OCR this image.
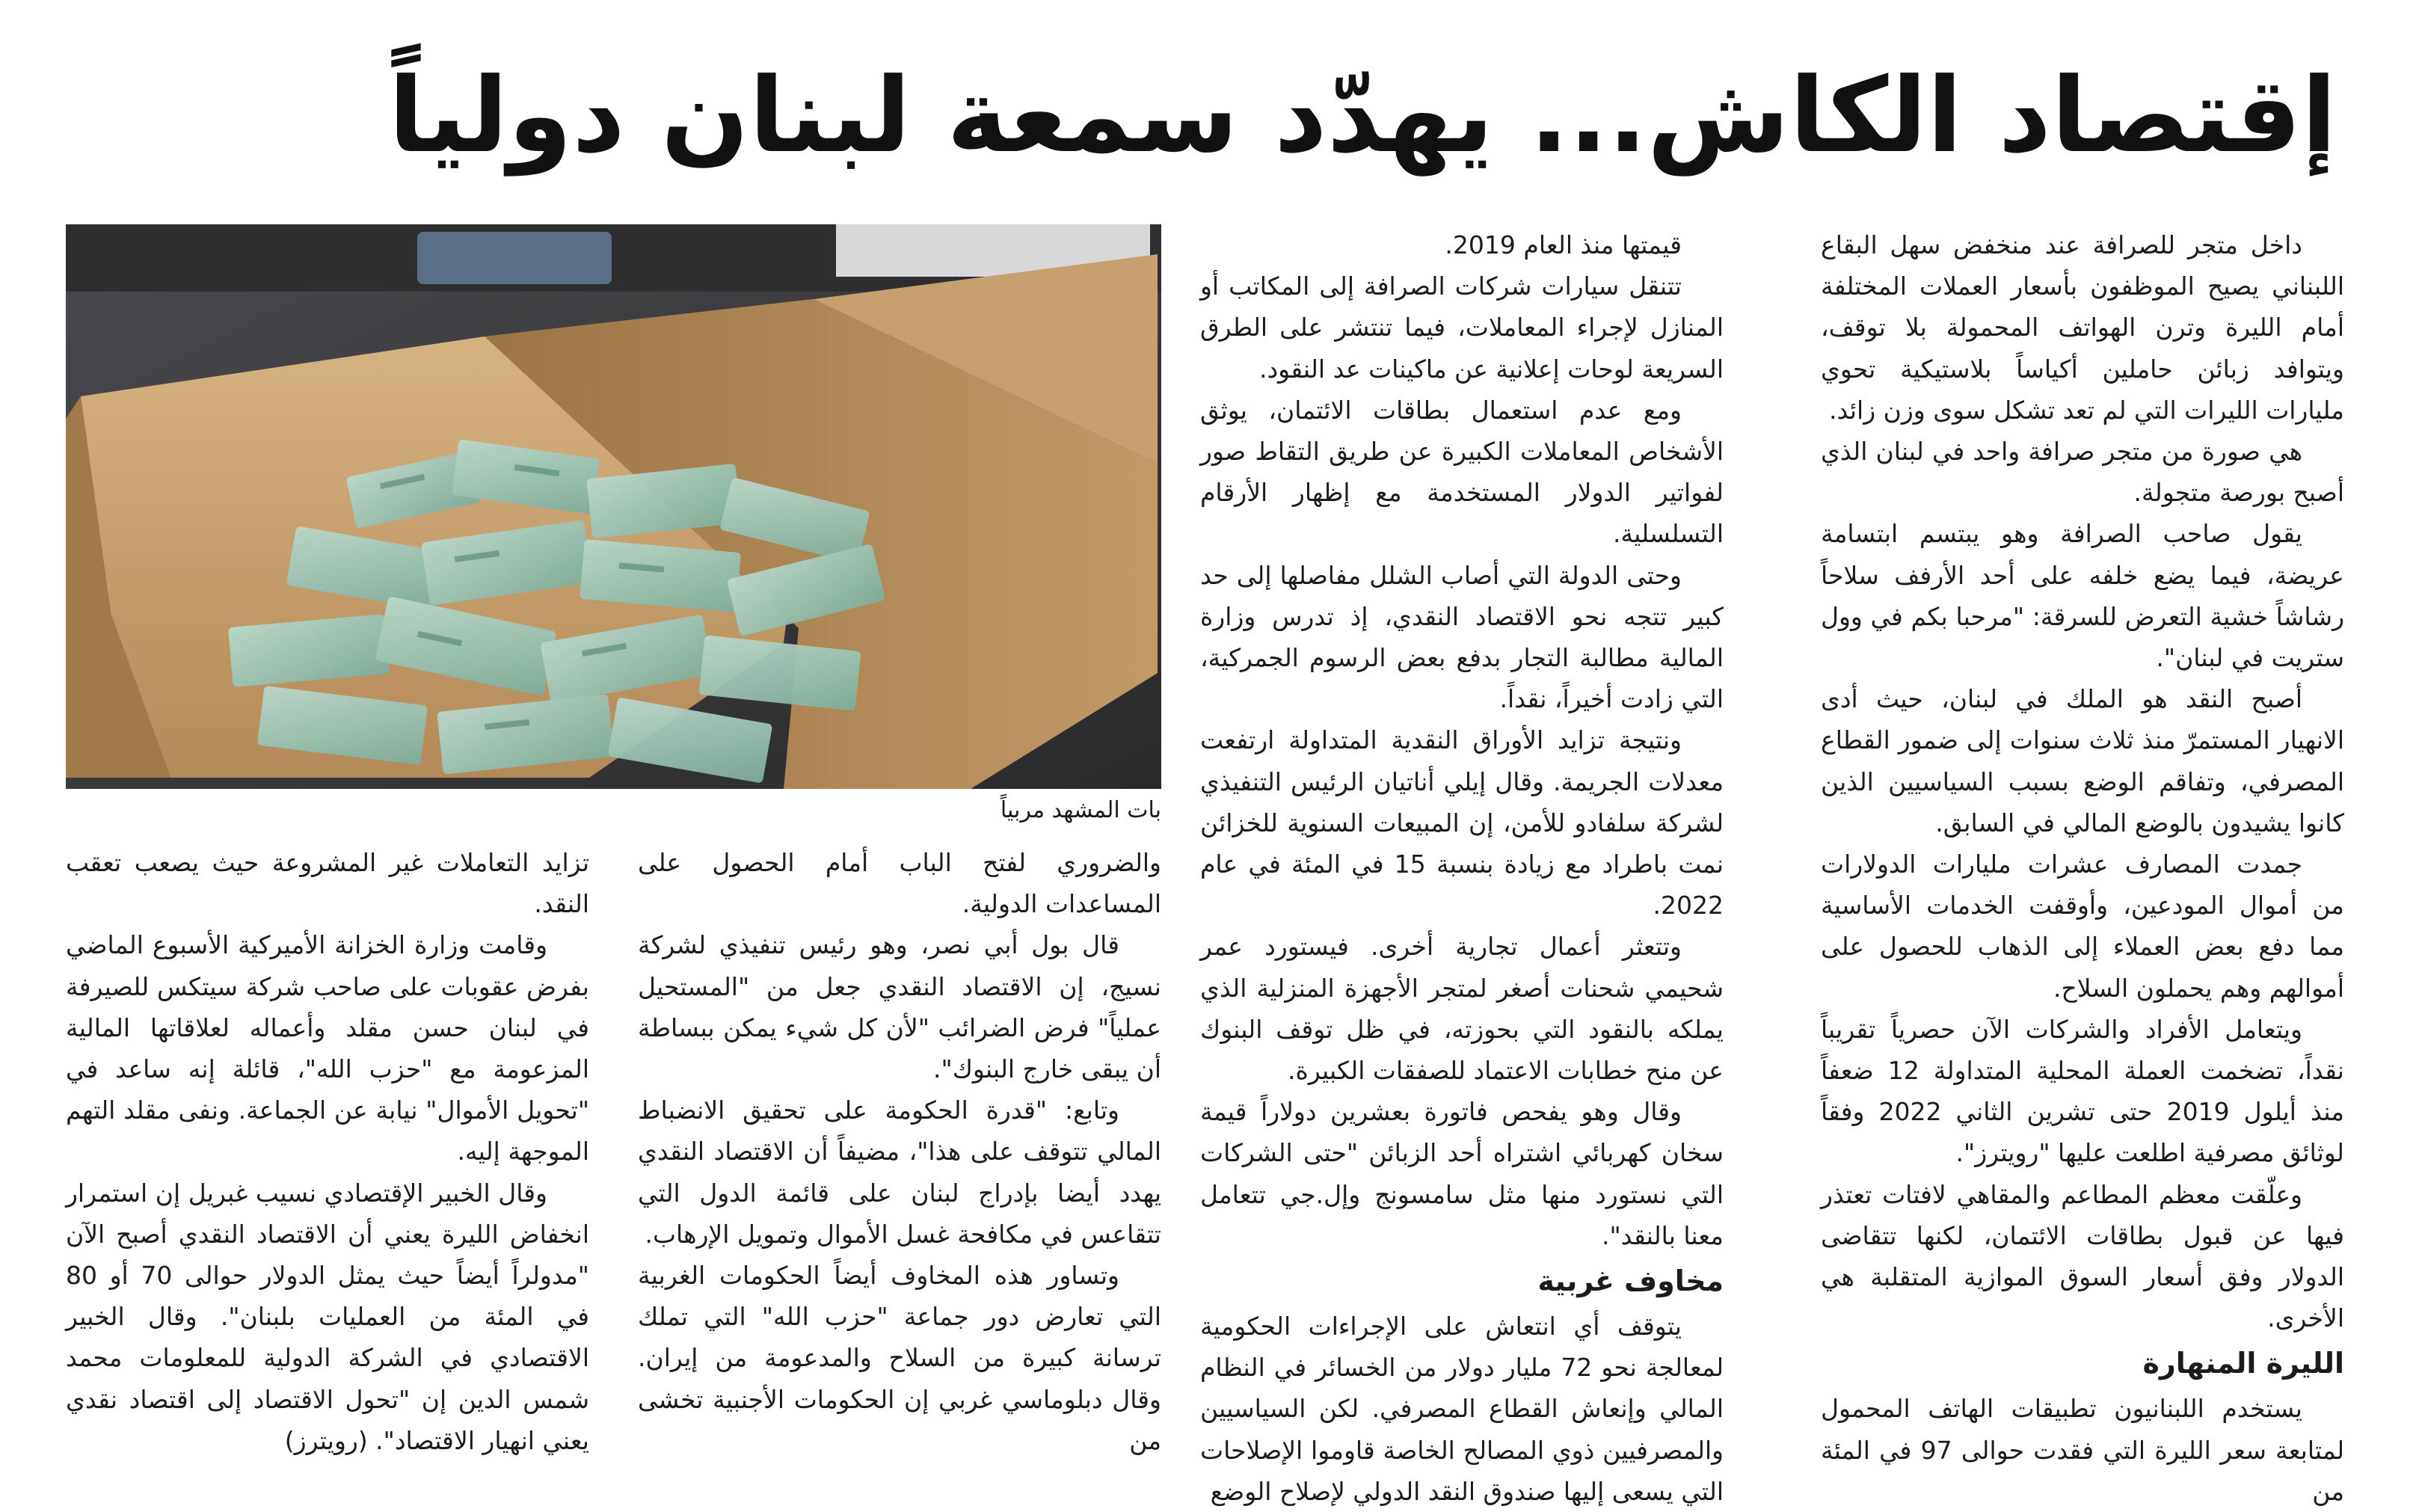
إقتصاد الكاش... يهدّد سمعة لبنان دولياً

داخل متجر للصرافة عند منخفض سهل البقاع اللبناني يصيح الموظفون بأسعار العملات المختلفة أمام الليرة وترن الهواتف المحمولة بلا توقف، ويتوافد زبائن حاملين أكياساً بلاستيكية تحوي مليارات الليرات التي لم تعد تشكل سوى وزن زائد.

هي صورة من متجر صرافة واحد في لبنان الذي أصبح بورصة متجولة.

يقول صاحب الصرافة وهو يبتسم ابتسامة عريضة، فيما يضع خلفه على أحد الأرفف سلاحاً رشاشاً خشية التعرض للسرقة: "مرحبا بكم في وول ستريت في لبنان".

أصبح النقد هو الملك في لبنان، حيث أدى الانهيار المستمرّ منذ ثلاث سنوات إلى ضمور القطاع المصرفي، وتفاقم الوضع بسبب السياسيين الذين كانوا يشيدون بالوضع المالي في السابق.

جمدت المصارف عشرات مليارات الدولارات من أموال المودعين، وأوقفت الخدمات الأساسية مما دفع بعض العملاء إلى الذهاب للحصول على أموالهم وهم يحملون السلاح.

ويتعامل الأفراد والشركات الآن حصرياً تقريباً نقداً، تضخمت العملة المحلية المتداولة 12 ضعفاً منذ أيلول 2019 حتى تشرين الثاني 2022 وفقاً لوثائق مصرفية اطلعت عليها "رويترز".

وعلّقت معظم المطاعم والمقاهي لافتات تعتذر فيها عن قبول بطاقات الائتمان، لكنها تتقاضى الدولار وفق أسعار السوق الموازية المتقلبة هي الأخرى.

الليرة المنهارة

يستخدم اللبنانيون تطبيقات الهاتف المحمول لمتابعة سعر الليرة التي فقدت حوالى 97 في المئة من

قيمتها منذ العام 2019.

تتنقل سيارات شركات الصرافة إلى المكاتب أو المنازل لإجراء المعاملات، فيما تنتشر على الطرق السريعة لوحات إعلانية عن ماكينات عد النقود.

ومع عدم استعمال بطاقات الائتمان، يوثق الأشخاص المعاملات الكبيرة عن طريق التقاط صور لفواتير الدولار المستخدمة مع إظهار الأرقام التسلسلية.

وحتى الدولة التي أصاب الشلل مفاصلها إلى حد كبير تتجه نحو الاقتصاد النقدي، إذ تدرس وزارة المالية مطالبة التجار بدفع بعض الرسوم الجمركية، التي زادت أخيراً، نقداً.

ونتيجة تزايد الأوراق النقدية المتداولة ارتفعت معدلات الجريمة. وقال إيلي أناتيان الرئيس التنفيذي لشركة سلفادو للأمن، إن المبيعات السنوية للخزائن نمت باطراد مع زيادة بنسبة 15 في المئة في عام 2022.

وتتعثر أعمال تجارية أخرى. فيستورد عمر شحيمي شحنات أصغر لمتجر الأجهزة المنزلية الذي يملكه بالنقود التي بحوزته، في ظل توقف البنوك عن منح خطابات الاعتماد للصفقات الكبيرة.

وقال وهو يفحص فاتورة بعشرين دولاراً قيمة سخان كهربائي اشتراه أحد الزبائن "حتى الشركات التي نستورد منها مثل سامسونج وإل.جي تتعامل معنا بالنقد".

مخاوف غربية

يتوقف أي انتعاش على الإجراءات الحكومية لمعالجة نحو 72 مليار دولار من الخسائر في النظام المالي وإنعاش القطاع المصرفي. لكن السياسيين والمصرفيين ذوي المصالح الخاصة قاوموا الإصلاحات التي يسعى إليها صندوق النقد الدولي لإصلاح الوضع

بات المشهد مربياً

والضروري لفتح الباب أمام الحصول على المساعدات الدولية.

قال بول أبي نصر، وهو رئيس تنفيذي لشركة نسيج، إن الاقتصاد النقدي جعل من "المستحيل عملياً" فرض الضرائب "لأن كل شيء يمكن ببساطة أن يبقى خارج البنوك".

وتابع: "قدرة الحكومة على تحقيق الانضباط المالي تتوقف على هذا"، مضيفاً أن الاقتصاد النقدي يهدد أيضا بإدراج لبنان على قائمة الدول التي تتقاعس في مكافحة غسل الأموال وتمويل الإرهاب.

وتساور هذه المخاوف أيضاً الحكومات الغربية التي تعارض دور جماعة "حزب الله" التي تملك ترسانة كبيرة من السلاح والمدعومة من إيران. وقال دبلوماسي غربي إن الحكومات الأجنبية تخشى من

تزايد التعاملات غير المشروعة حيث يصعب تعقب النقد.

وقامت وزارة الخزانة الأميركية الأسبوع الماضي بفرض عقوبات على صاحب شركة سيتكس للصيرفة في لبنان حسن مقلد وأعماله لعلاقاتها المالية المزعومة مع "حزب الله"، قائلة إنه ساعد في "تحويل الأموال" نيابة عن الجماعة. ونفى مقلد التهم الموجهة إليه.

وقال الخبير الإقتصادي نسيب غبريل إن استمرار انخفاض الليرة يعني أن الاقتصاد النقدي أصبح الآن "مدولراً أيضاً حيث يمثل الدولار حوالى 70 أو 80 في المئة من العمليات بلبنان". وقال الخبير الاقتصادي في الشركة الدولية للمعلومات محمد شمس الدين إن "تحول الاقتصاد إلى اقتصاد نقدي يعني انهيار الاقتصاد". (رويترز)
